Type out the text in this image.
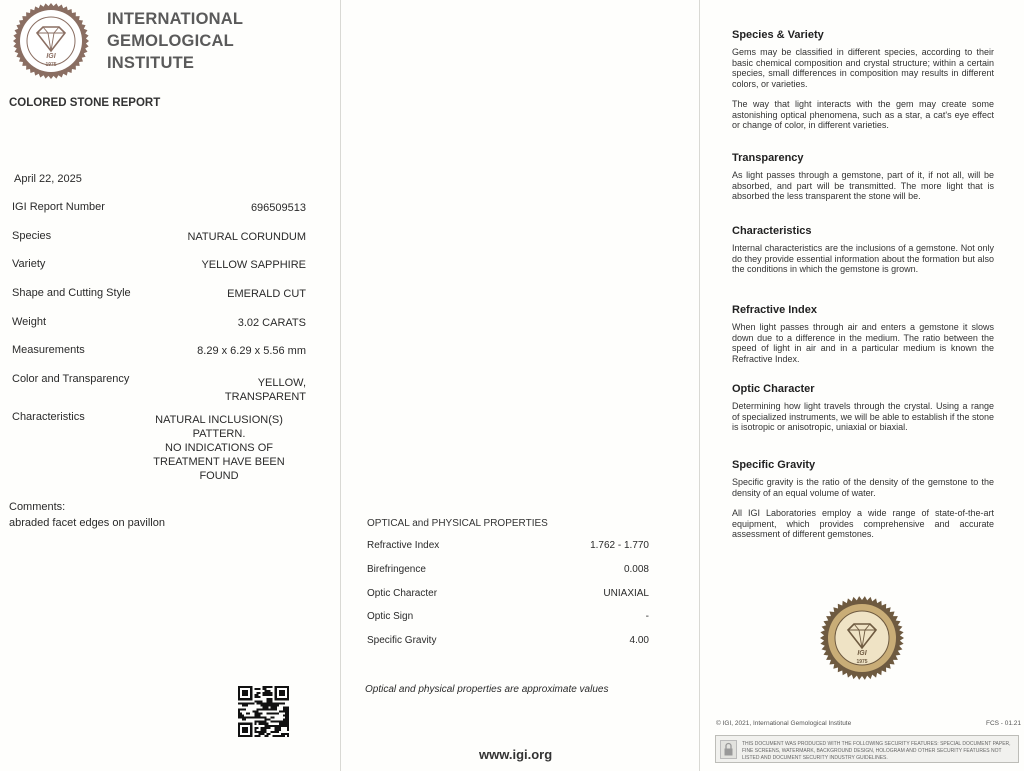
IGI
1975
INTERNATIONAL
GEMOLOGICAL
INSTITUTE
COLORED STONE REPORT
April 22, 2025
IGI Report Number	696509513
Species	NATURAL CORUNDUM
Variety	YELLOW SAPPHIRE
Shape and Cutting Style	EMERALD CUT
Weight	3.02 CARATS
Measurements	8.29 x 6.29 x 5.56 mm
Color and Transparency	YELLOW,
TRANSPARENT
Characteristics	NATURAL INCLUSION(S)
PATTERN.
NO INDICATIONS OF
TREATMENT HAVE BEEN FOUND
Comments:
abraded facet edges on pavillon	OPTICAL and PHYSICAL PROPERTIES
Refractive Index	1.762 - 1.770
Birefringence	0.008
Optic Character	UNIAXIAL
Optic Sign	-
Specific Gravity	4.00
Optical and physical properties are approximate values
www.igi.org
Species & Variety

Gems may be classified in different species, according to their basic chemical composition and crystal structure; within a certain species, small differences in composition may results in different colors, or varieties.

The way that light interacts with the gem may create some astonishing optical phenomena, such as a star, a cat's eye effect or change of color, in different varieties.

Transparency

As light passes through a gemstone, part of it, if not all, will be absorbed, and part will be transmitted. The more light that is absorbed the less transparent the stone will be.

Characteristics

Internal characteristics are the inclusions of a gemstone. Not only do they provide essential information about the formation but also the conditions in which the gemstone is grown.

Refractive Index

When light passes through air and enters a gemstone it slows down due to a difference in the medium. The ratio between the speed of light in air and in a particular medium is known the Refractive Index.

Optic Character

Determining how light travels through the crystal. Using a range of specialized instruments, we will be able to establish if the stone is isotropic or anisotropic, uniaxial or biaxial.

Specific Gravity

Specific gravity is the ratio of the density of the gemstone to the density of an equal volume of water.

All IGI Laboratories employ a wide range of state-of-the-art equipment, which provides comprehensive and accurate assessment of different gemstones.

IGI
1975
© IGI, 2021, International Gemological Institute	FCS - 01.21
THIS DOCUMENT WAS PRODUCED WITH THE FOLLOWING SECURITY FEATURES: SPECIAL DOCUMENT PAPER, FINE SCREENS, WATERMARK, BACKGROUND DESIGN, HOLOGRAM AND OTHER SECURITY FEATURES NOT LISTED AND DOCUMENT SECURITY INDUSTRY GUIDELINES.
